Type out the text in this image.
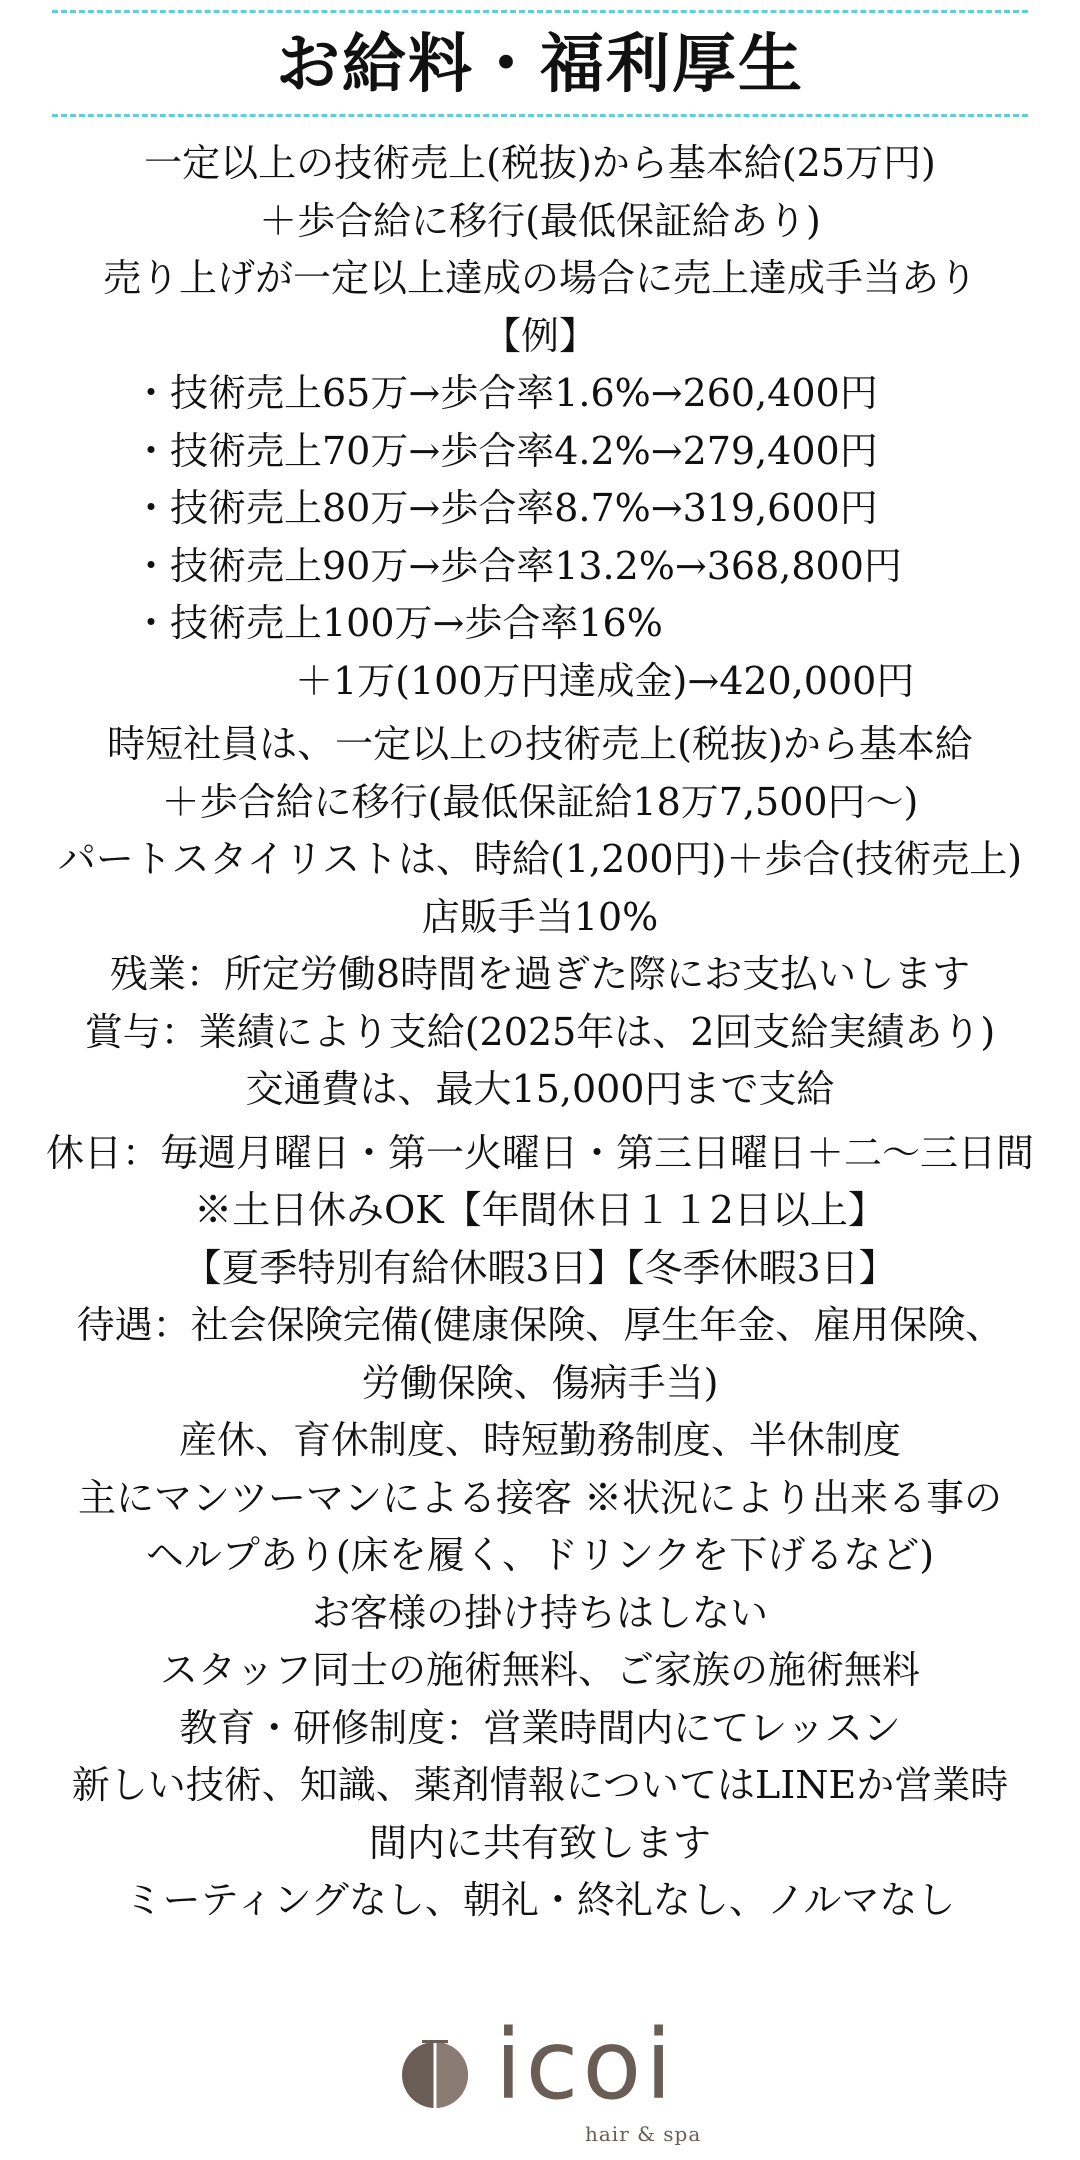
お給料・福利厚生
一定以上の技術売上(税抜)から基本給(25万円)
＋歩合給に移行(最低保証給あり)
売り上げが一定以上達成の場合に売上達成手当あり
【例】
・技術売上65万→歩合率1.6%→260,400円
・技術売上70万→歩合率4.2%→279,400円
・技術売上80万→歩合率8.7%→319,600円
・技術売上90万→歩合率13.2%→368,800円
・技術売上100万→歩合率16%
＋1万(100万円達成金)→420,000円
時短社員は、一定以上の技術売上(税抜)から基本給
＋歩合給に移行(最低保証給18万7,500円～)
パートスタイリストは、時給(1,200円)＋歩合(技術売上)
店販手当10%
残業：所定労働8時間を過ぎた際にお支払いします
賞与：業績により支給(2025年は、2回支給実績あり)
交通費は、最大15,000円まで支給
休日：毎週月曜日・第一火曜日・第三日曜日＋二～三日間
※土日休みOK【年間休日１１2日以上】
【夏季特別有給休暇3日】【冬季休暇3日】
待遇：社会保険完備(健康保険、厚生年金、雇用保険、
労働保険、傷病手当)
産休、育休制度、時短勤務制度、半休制度
主にマンツーマンによる接客 ※状況により出来る事の
ヘルプあり(床を履く、ドリンクを下げるなど)
お客様の掛け持ちはしない
スタッフ同士の施術無料、ご家族の施術無料
教育・研修制度：営業時間内にてレッスン
新しい技術、知識、薬剤情報についてはLINEか営業時
間内に共有致します
ミーティングなし、朝礼・終礼なし、ノルマなし
icoi
hair & spa
